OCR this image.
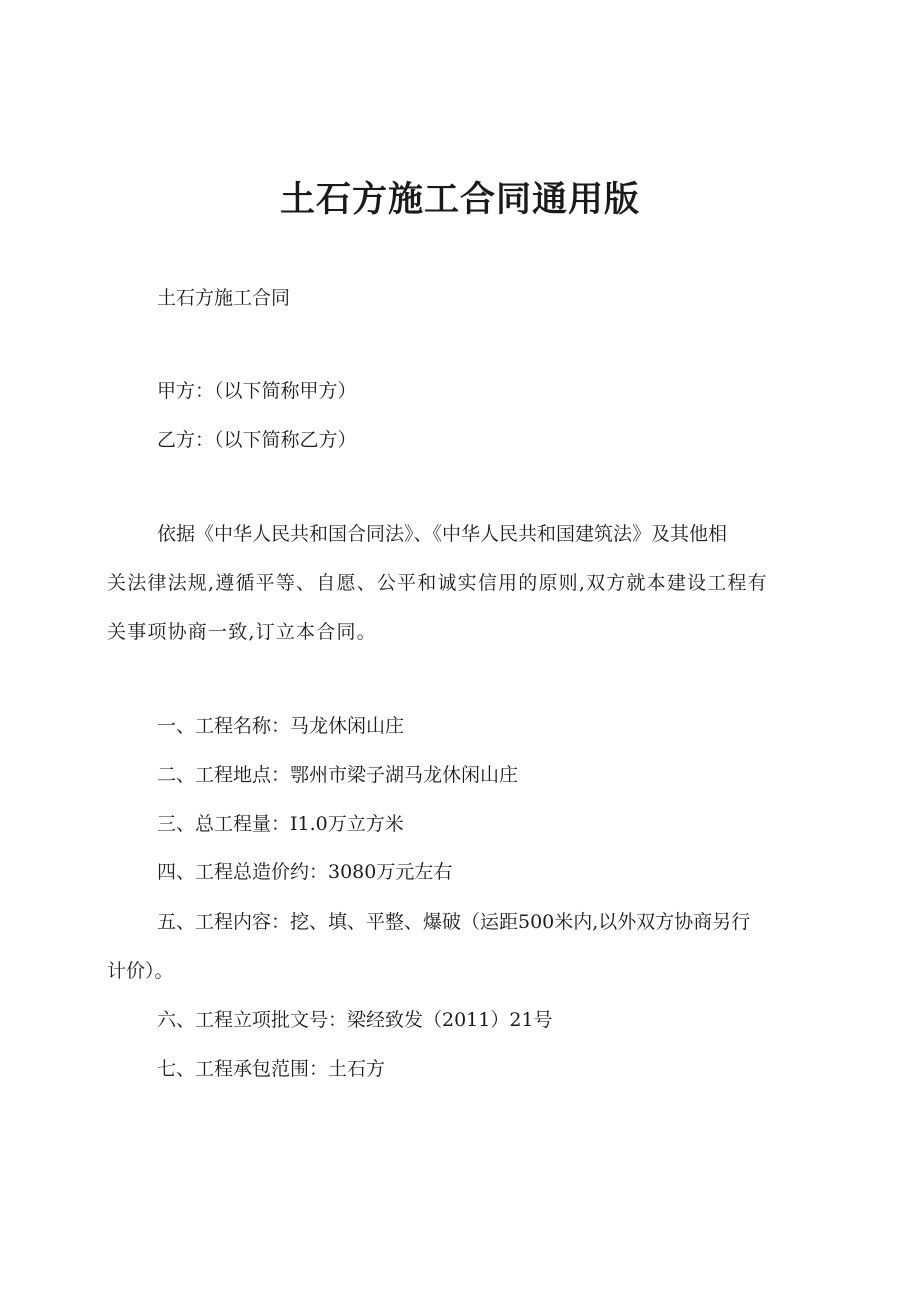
土石方施工合同通用版

土石方施工合同

甲方：（以下简称甲方）

乙方：（以下简称乙方）

依据《中华人民共和国合同法》、《中华人民共和国建筑法》及其他相

关法律法规,遵循平等、自愿、公平和诚实信用的原则,双方就本建设工程有

关事项协商一致,订立本合同。

一、工程名称：马龙休闲山庄

二、工程地点：鄂州市梁子湖马龙休闲山庄

三、总工程量：I1.0万立方米

四、工程总造价约：3080万元左右

五、工程内容：挖、填、平整、爆破（运距500米内,以外双方协商另行

计价）。

六、工程立项批文号：梁经致发（2011）21号

七、工程承包范围：土石方
